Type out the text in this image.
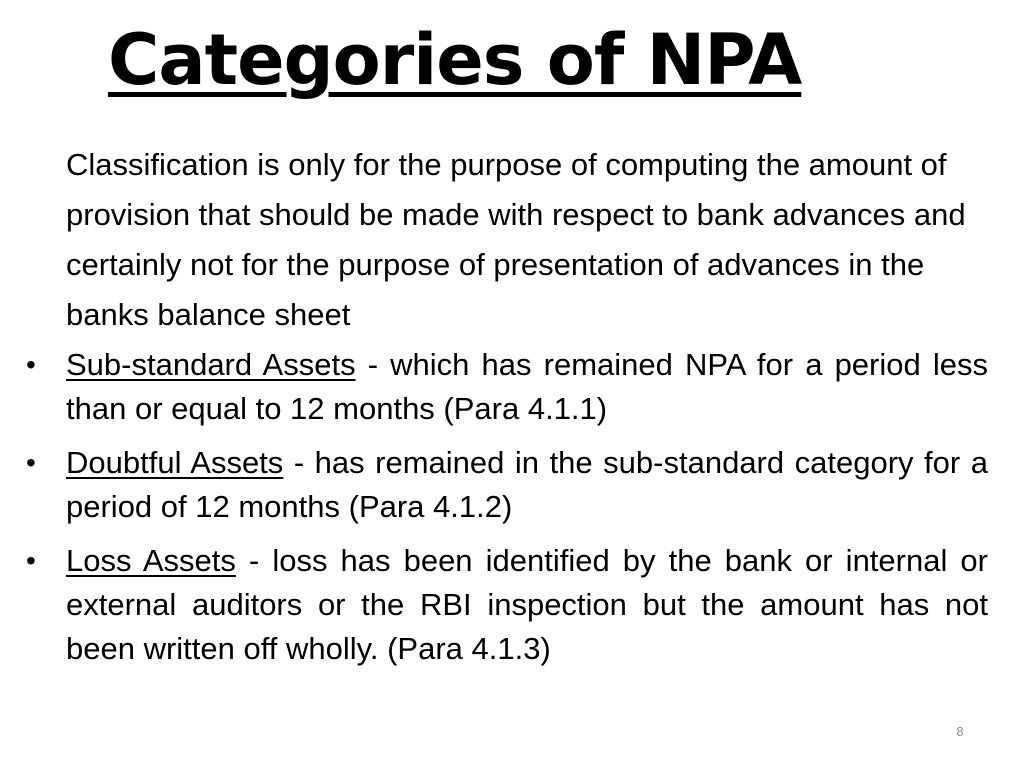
Categories of NPA

Classification is only for the purpose of computing the amount of provision that should be made with respect to bank advances and certainly not for the purpose of presentation of advances in the banks balance sheet

• Sub-standard Assets - which has remained NPA for a period less than or equal to 12 months (Para 4.1.1)
• Doubtful Assets - has remained in the sub-standard category for a period of 12 months (Para 4.1.2)
• Loss Assets - loss has been identified by the bank or internal or external auditors or the RBI inspection but the amount has not been written off wholly. (Para 4.1.3)
8
